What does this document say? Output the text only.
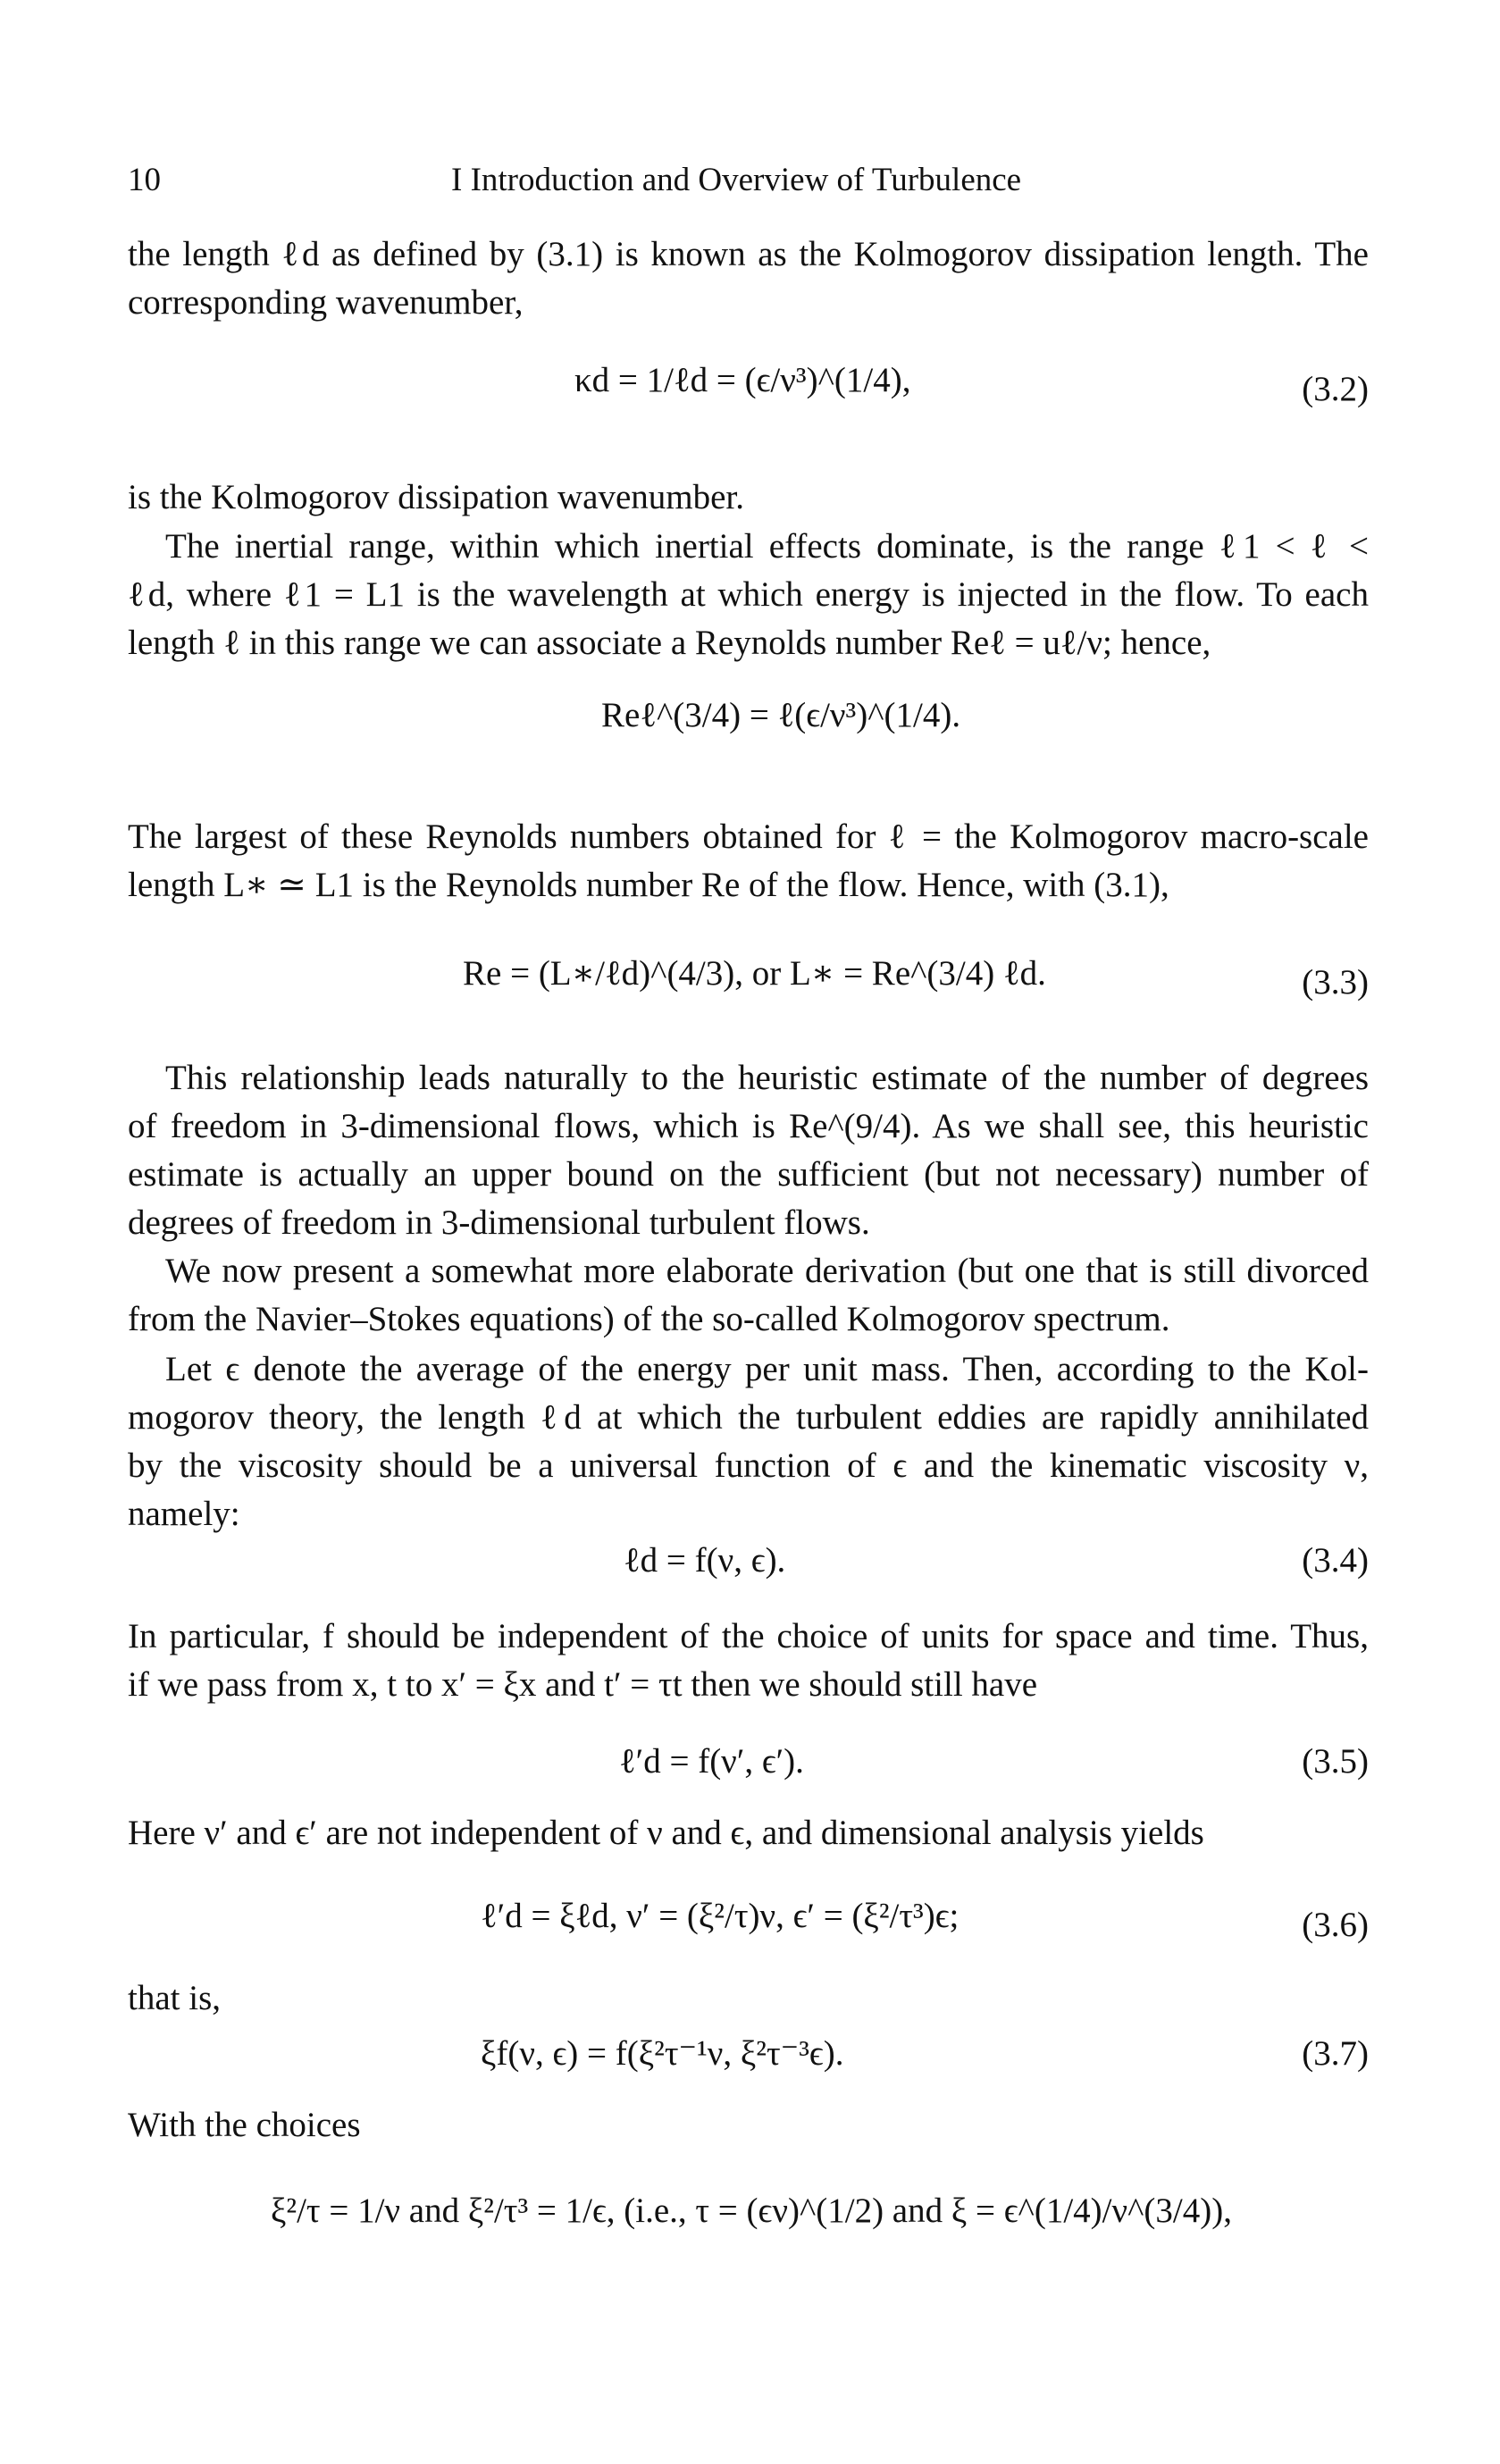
10	I Introduction and Overview of Turbulence
the length ℓd as defined by (3.1) is known as the Kolmogorov dissipation length. The
corresponding wavenumber,
κd = 1/ℓd = (ϵ/ν³)^(1/4),	(3.2)
is the Kolmogorov dissipation wavenumber.
The inertial range, within which inertial effects dominate, is the range ℓ1 < ℓ <
ℓd, where ℓ1 = L1 is the wavelength at which energy is injected in the flow. To each
length ℓ in this range we can associate a Reynolds number Reℓ = uℓ/ν; hence,
Reℓ^(3/4) = ℓ(ϵ/ν³)^(1/4).
The largest of these Reynolds numbers obtained for ℓ = the Kolmogorov macro-scale
length L∗ ≃ L1 is the Reynolds number Re of the flow. Hence, with (3.1),
Re = (L∗/ℓd)^(4/3), or L∗ = Re^(3/4) ℓd.	(3.3)
This relationship leads naturally to the heuristic estimate of the number of degrees
of freedom in 3-dimensional flows, which is Re^(9/4). As we shall see, this heuristic
estimate is actually an upper bound on the sufficient (but not necessary) number of
degrees of freedom in 3-dimensional turbulent flows.
We now present a somewhat more elaborate derivation (but one that is still divorced
from the Navier–Stokes equations) of the so-called Kolmogorov spectrum.
Let ϵ denote the average of the energy per unit mass. Then, according to the Kol-
mogorov theory, the length ℓd at which the turbulent eddies are rapidly annihilated
by the viscosity should be a universal function of ϵ and the kinematic viscosity ν,
namely:
ℓd = f(ν, ϵ).	(3.4)
In particular, f should be independent of the choice of units for space and time. Thus,
if we pass from x, t to x′ = ξx and t′ = τt then we should still have
ℓ′d = f(ν′, ϵ′).	(3.5)
Here ν′ and ϵ′ are not independent of ν and ϵ, and dimensional analysis yields
ℓ′d = ξℓd, ν′ = (ξ²/τ)ν, ϵ′ = (ξ²/τ³)ϵ;	(3.6)
that is,
ξf(ν, ϵ) = f(ξ²τ⁻¹ν, ξ²τ⁻³ϵ).	(3.7)
With the choices
ξ²/τ = 1/ν and ξ²/τ³ = 1/ϵ, (i.e., τ = (ϵν)^(1/2) and ξ = ϵ^(1/4)/ν^(3/4)),
